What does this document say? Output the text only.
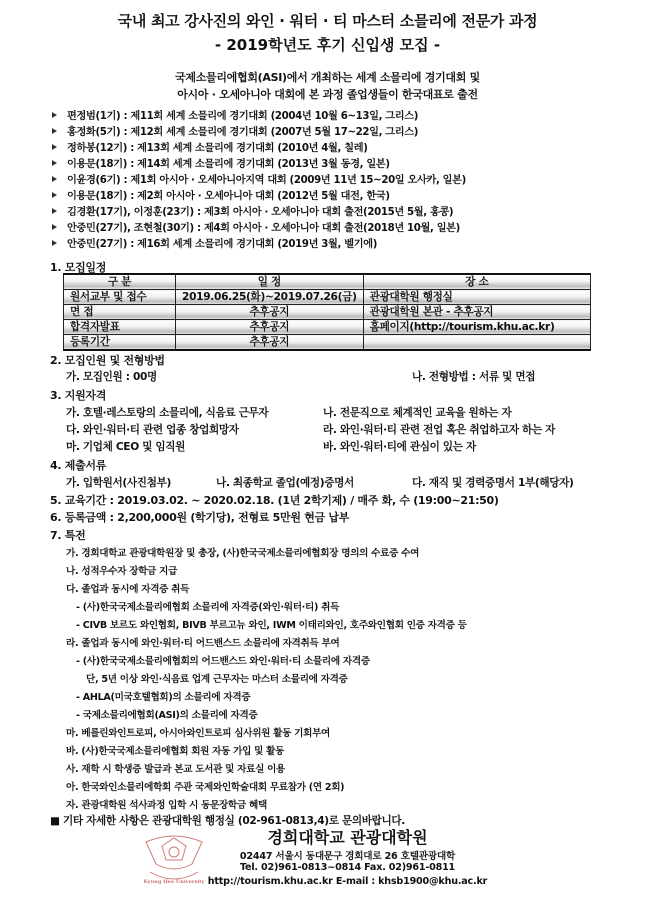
국내 최고 강사진의 와인 · 워터 · 티 마스터 소믈리에 전문가 과정
- 2019학년도 후기 신입생 모집 -
국제소믈리에협회(ASI)에서 개최하는 세계 소믈리에 경기대회 및
아시아 · 오세아니아 대회에 본 과정 졸업생들이 한국대표로 출전
편정범(1기) : 제11회 세계 소믈리에 경기대회 (2004년 10월 6~13일, 그리스)
홍정화(5기) : 제12회 세계 소믈리에 경기대회 (2007년 5월 17~22일, 그리스)
정하봉(12기) : 제13회 세계 소믈리에 경기대회 (2010년 4월, 칠레)
이용문(18기) : 제14회 세계 소믈리에 경기대회 (2013년 3월 동경, 일본)
이윤경(6기) : 제1회 아시아 · 오세아니아지역 대회 (2009년 11년 15~20일 오사카, 일본)
이용문(18기) : 제2회 아시아 · 오세아니아 대회 (2012년 5월 대전, 한국)
김경환(17기), 이정훈(23기) : 제3회 아시아 · 오세아니아 대회 출전(2015년 5월, 홍콩)
안중민(27기), 조현철(30기) : 제4회 아시아 · 오세아니아 대회 출전(2018년 10월, 일본)
안중민(27기) : 제16회 세계 소믈리에 경기대회 (2019년 3월, 벨기에)
1. 모집일정
구 분	일 정	장 소
원서교부 및 접수	2019.06.25(화)~2019.07.26(금)	관광대학원 행정실
면 접	추후공지	관광대학원 본관 - 추후공지
합격자발표	추후공지	홈페이지(http://tourism.khu.ac.kr)
등록기간	추후공지	
2. 모집인원 및 전형방법
가. 모집인원 : 00명	나. 전형방법 : 서류 및 면접
3. 지원자격
가. 호텔·레스토랑의 소믈리에, 식음료 근무자	나. 전문직으로 체계적인 교육을 원하는 자
다. 와인·워터·티 관련 업종 창업희망자	라. 와인·워터·티 관련 전업 혹은 취업하고자 하는 자
마. 기업체 CEO 및 임직원	바. 와인·워터·티에 관심이 있는 자
4. 제출서류
가. 입학원서(사진첨부)	나. 최종학교 졸업(예정)증명서	다. 재직 및 경력증명서 1부(해당자)
5. 교육기간 : 2019.03.02. ~ 2020.02.18. (1년 2학기제) / 매주 화, 수 (19:00~21:50)
6. 등록금액 : 2,200,000원 (학기당), 전형료 5만원 현금 납부
7. 특전
가. 경희대학교 관광대학원장 및 총장, (사)한국국제소믈리에협회장 명의의 수료증 수여
나. 성적우수자 장학금 지급
다. 졸업과 동시에 자격증 취득
- (사)한국국제소믈리에협회 소믈리에 자격증(와인·워터·티) 취득
- CIVB 보르도 와인협회, BIVB 부르고뉴 와인, IWM 이태리와인, 호주와인협회 인증 자격증 등
라. 졸업과 동시에 와인·워터·티 어드밴스드 소믈리에 자격취득 부여
- (사)한국국제소믈리에협회의 어드밴스드 와인·워터·티 소믈리에 자격증
단, 5년 이상 와인·식음료 업계 근무자는 마스터 소믈리에 자격증
- AHLA(미국호텔협회)의 소믈리에 자격증
- 국제소믈리에협회(ASI)의 소믈리에 자격증
마. 베를린와인트로피, 아시아와인트로피 심사위원 활동 기회부여
바. (사)한국국제소믈리에협회 회원 자동 가입 및 활동
사. 재학 시 학생증 발급과 본교 도서관 및 자료실 이용
아. 한국와인소믈리에학회 주관 국제와인학술대회 무료참가 (연 2회)
자. 관광대학원 석사과정 입학 시 동문장학금 혜택
■ 기타 자세한 사항은 관광대학원 행정실 (02-961-0813,4)로 문의바랍니다.
Kyung Hee University
경희대학교 관광대학원
02447 서울시 동대문구 경희대로 26 호텔관광대학
Tel. 02)961-0813~0814 Fax. 02)961-0811
http://tourism.khu.ac.kr E-mail : khsb1900@khu.ac.kr
